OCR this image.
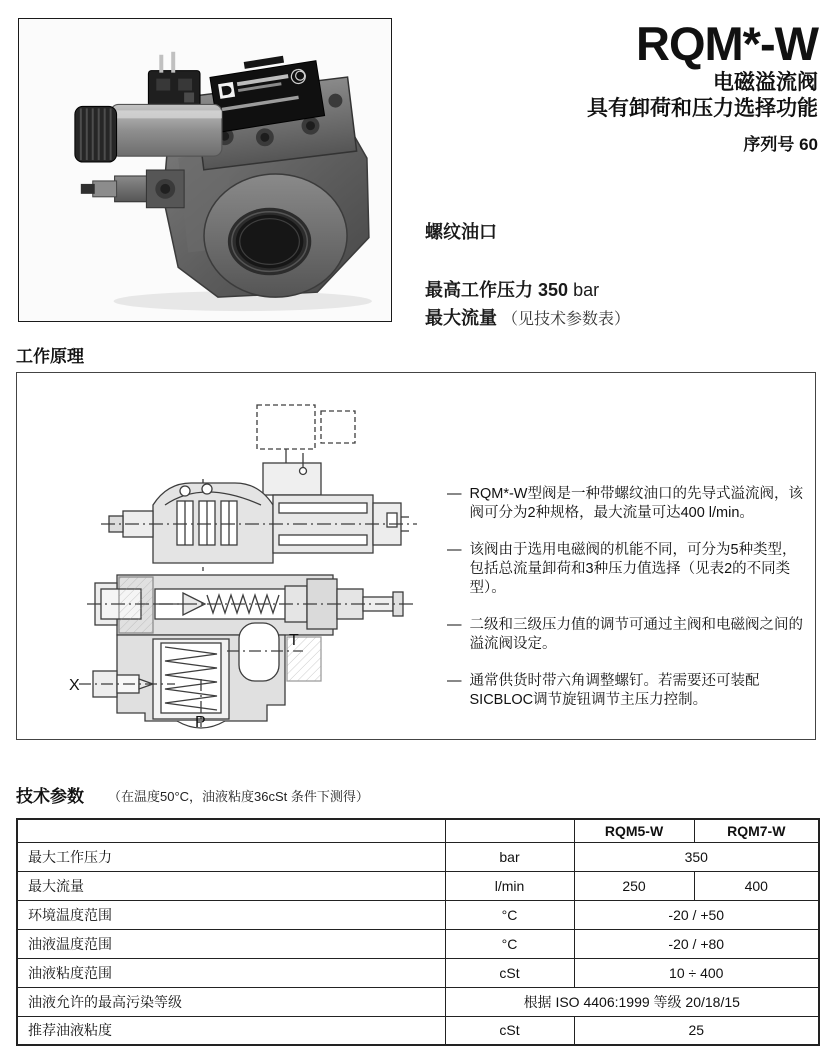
RQM*-W
电磁溢流阀
具有卸荷和压力选择功能
序列号 60
螺纹油口
最高工作压力 350 bar
最大流量 （见技术参数表）
工作原理
X
T
P
— RQM*-W型阀是一种带螺纹油口的先导式溢流阀，该阀可分为2种规格，最大流量可达400 l/min。
— 该阀由于选用电磁阀的机能不同，可分为5种类型，包括总流量卸荷和3种压力值选择（见表2的不同类型）。
— 二级和三级压力值的调节可通过主阀和电磁阀之间的溢流阀设定。
— 通常供货时带六角调整螺钉。若需要还可装配SICBLOC调节旋钮调节主压力控制。
技术参数 （在温度50°C，油液粘度36cSt 条件下测得）
		RQM5-W	RQM7-W
最大工作压力	bar	350	
最大流量	l/min	250	400
环境温度范围	°C	-20 / +50	
油液温度范围	°C	-20 / +80	
油液粘度范围	cSt	10 ÷ 400	
油液允许的最高污染等级	根据 ISO 4406:1999 等级 20/18/15		
推荐油液粘度	cSt	25	
